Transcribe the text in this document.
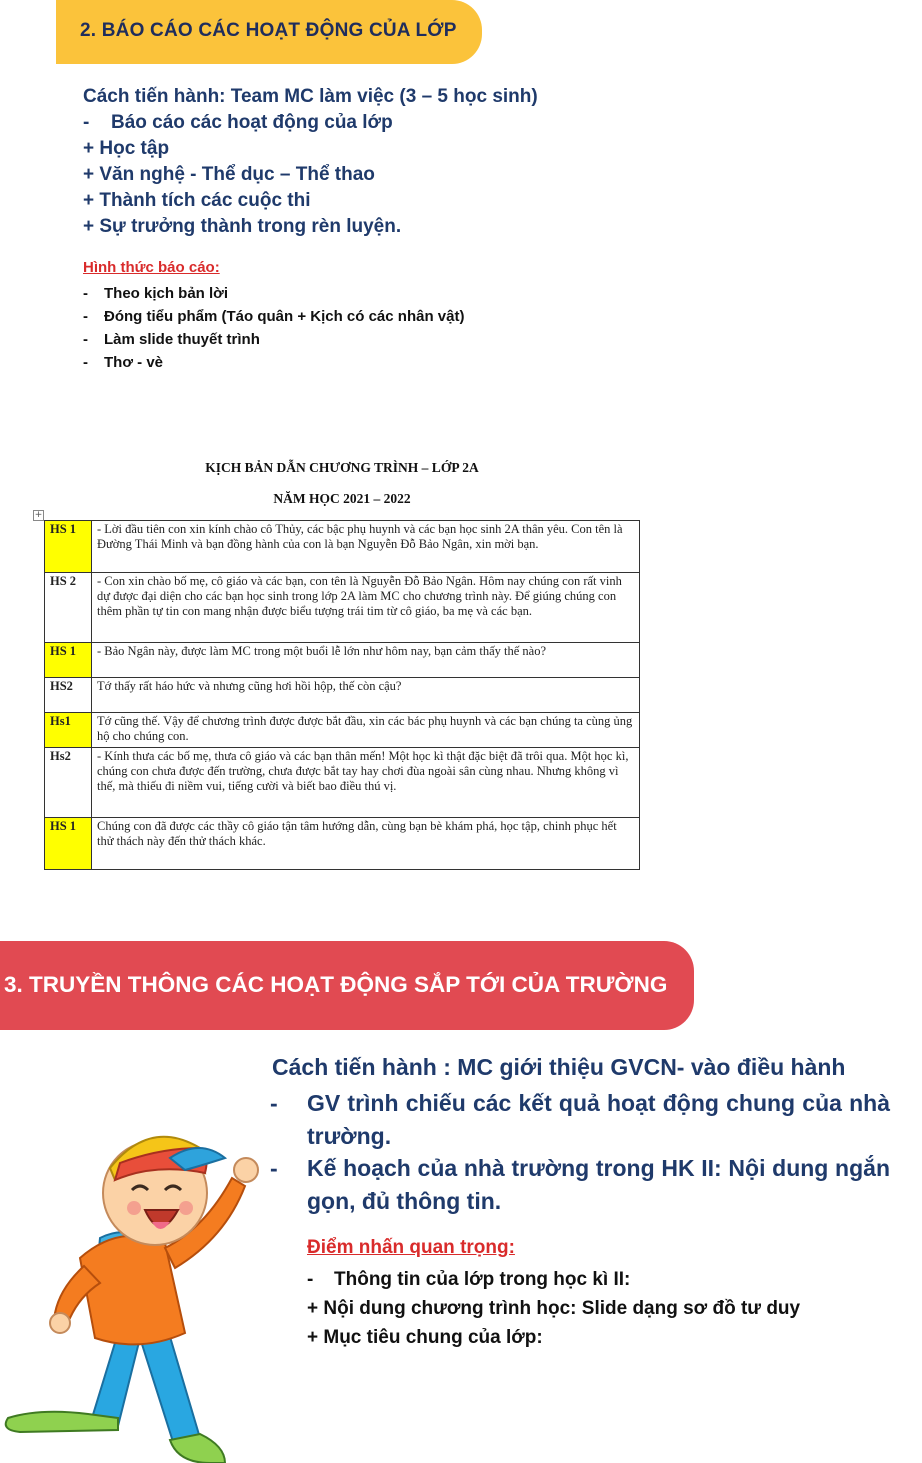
2. BÁO CÁO CÁC HOẠT ĐỘNG CỦA LỚP
Cách tiến hành: Team MC làm việc (3 – 5 học sinh)
- Báo cáo các hoạt động của lớp
+ Học tập
+ Văn nghệ - Thể dục – Thể thao
+ Thành tích các cuộc thi
+ Sự trưởng thành trong rèn luyện.
Hình thức báo cáo:
- Theo kịch bản lời
- Đóng tiểu phẩm (Táo quân + Kịch có các nhân vật)
- Làm slide thuyết trình
- Thơ - vè
KỊCH BẢN DẪN CHƯƠNG TRÌNH – LỚP 2A
NĂM HỌC 2021 – 2022
+
HS 1	- Lời đầu tiên con xin kính chào cô Thủy, các bậc phụ huynh và các bạn học sinh 2A thân yêu. Con tên là Đường Thái Minh và bạn đồng hành của con là bạn Nguyễn Đỗ Bảo Ngân, xin mời bạn.
HS 2	- Con xin chào bố mẹ, cô giáo và các bạn, con tên là Nguyễn Đỗ Bảo Ngân. Hôm nay chúng con rất vinh dự được đại diện cho các bạn học sinh trong lớp 2A làm MC cho chương trình này. Để giúng chúng con thêm phần tự tin con mang nhận được biểu tượng trái tim từ cô giáo, ba mẹ và các bạn.
HS 1	- Bảo Ngân này, được làm MC trong một buổi lễ lớn như hôm nay, bạn cảm thấy thế nào?
HS2	Tớ thấy rất háo hức và nhưng cũng hơi hồi hộp, thế còn cậu?
Hs1	Tớ cũng thế. Vậy để chương trình được được bắt đầu, xin các bác phụ huynh và các bạn chúng ta cùng ủng hộ cho chúng con.
Hs2	- Kính thưa các bố mẹ, thưa cô giáo và các bạn thân mến! Một học kì thật đặc biệt đã trôi qua. Một học kì, chúng con chưa được đến trường, chưa được bắt tay hay chơi đùa ngoài sân cùng nhau. Nhưng không vì thế, mà thiếu đi niềm vui, tiếng cười và biết bao điều thú vị.
HS 1	Chúng con đã được các thầy cô giáo tận tâm hướng dẫn, cùng bạn bè khám phá, học tập, chinh phục hết thử thách này đến thử thách khác.
3. TRUYỀN THÔNG CÁC HOẠT ĐỘNG SẮP TỚI CỦA TRƯỜNG
Cách tiến hành : MC giới thiệu GVCN- vào điều hành
- GV trình chiếu các kết quả hoạt động chung của nhà trường.
- Kế hoạch của nhà trường trong HK II: Nội dung ngắn gọn, đủ thông tin.
Điểm nhấn quan trọng:
- Thông tin của lớp trong học kì II:
+ Nội dung chương trình học: Slide dạng sơ đồ tư duy
+ Mục tiêu chung của lớp:
